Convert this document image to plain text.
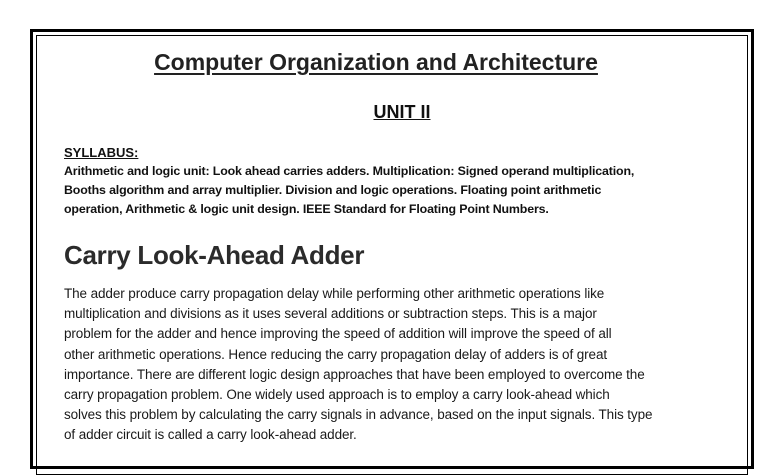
Computer Organization and Architecture
UNIT II

SYLLABUS:

Arithmetic and logic unit: Look ahead carries adders. Multiplication: Signed operand multiplication,
Booths algorithm and array multiplier. Division and logic operations. Floating point arithmetic
operation, Arithmetic & logic unit design. IEEE Standard for Floating Point Numbers.
Carry Look-Ahead Adder
The adder produce carry propagation delay while performing other arithmetic operations like
multiplication and divisions as it uses several additions or subtraction steps. This is a major
problem for the adder and hence improving the speed of addition will improve the speed of all
other arithmetic operations. Hence reducing the carry propagation delay of adders is of great
importance. There are different logic design approaches that have been employed to overcome the
carry propagation problem. One widely used approach is to employ a carry look-ahead which
solves this problem by calculating the carry signals in advance, based on the input signals. This type
of adder circuit is called a carry look-ahead adder.
